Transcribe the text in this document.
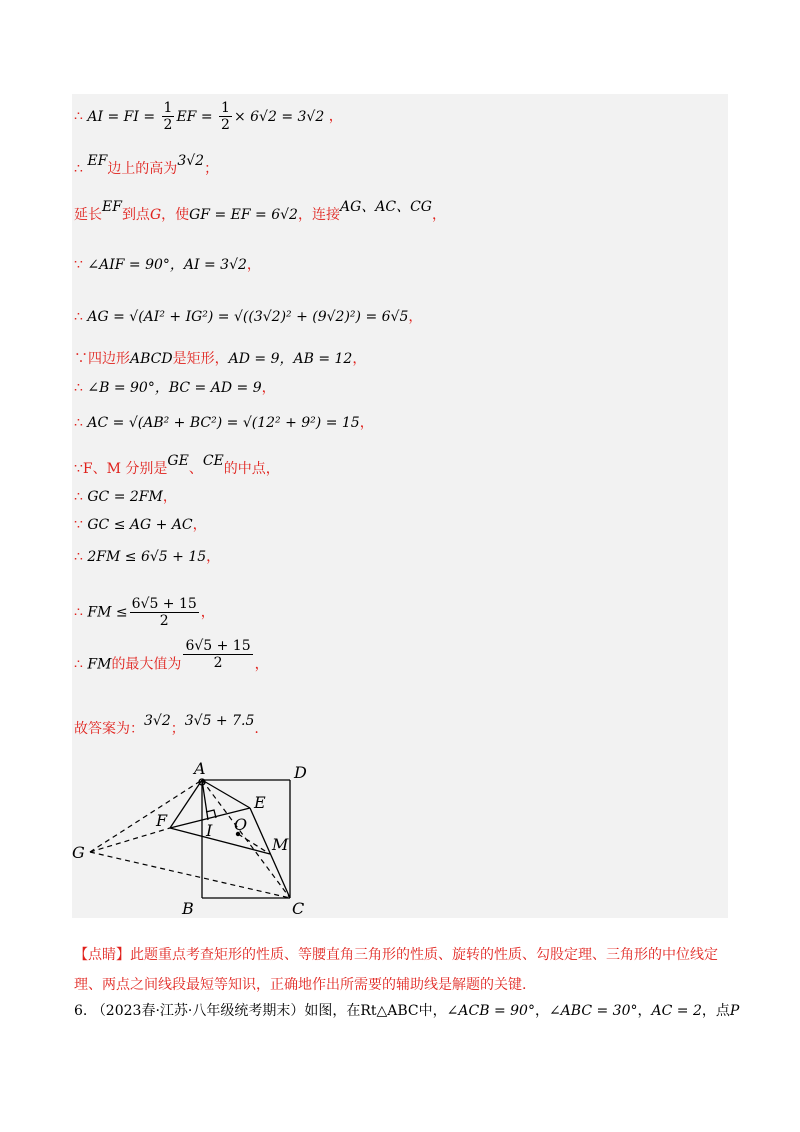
∴ AI = FI = $\frac{1}{2}$ EF = $\frac{1}{2} \times 6√2 = 3√2$ ，
∴ EF边上的高为3√2；
延长EF到点G，使GF = EF = 6√2，连接AG、AC、CG，
∵ ∠AIF = 90°，AI = 3√2，
∴ AG = √(AI² + IG²) = √((3√2)² + (9√2)²) = 6√5，
∵四边形ABCD是矩形，AD = 9，AB = 12，
∴ ∠B = 90°，BC = AD = 9，
∴ AC = √(AB² + BC²) = √(12² + 9²) = 15，
∵F、M 分别是GE、CE的中点，
∴ GC = 2FM，
∵ GC ≤ AG + AC，
∴ 2FM ≤ 6√5 + 15，
∴ FM ≤ $\frac{6√5 + 15}{2}$ ，
∴ FM的最大值为 $\frac{6√5 + 15}{2}$ ，
故答案为：3√2；3√5 + 7.5.
A	D
E
F
I O
M
G
B	C
【点睛】此题重点考查矩形的性质、等腰直角三角形的性质、旋转的性质、勾股定理、三角形的中位线定理、两点之间线段最短等知识，正确地作出所需要的辅助线是解题的关键.
6. （2023春·江苏·八年级统考期末）如图，在Rt△ABC中，∠ACB = 90°，∠ABC = 30°，AC = 2，点P
